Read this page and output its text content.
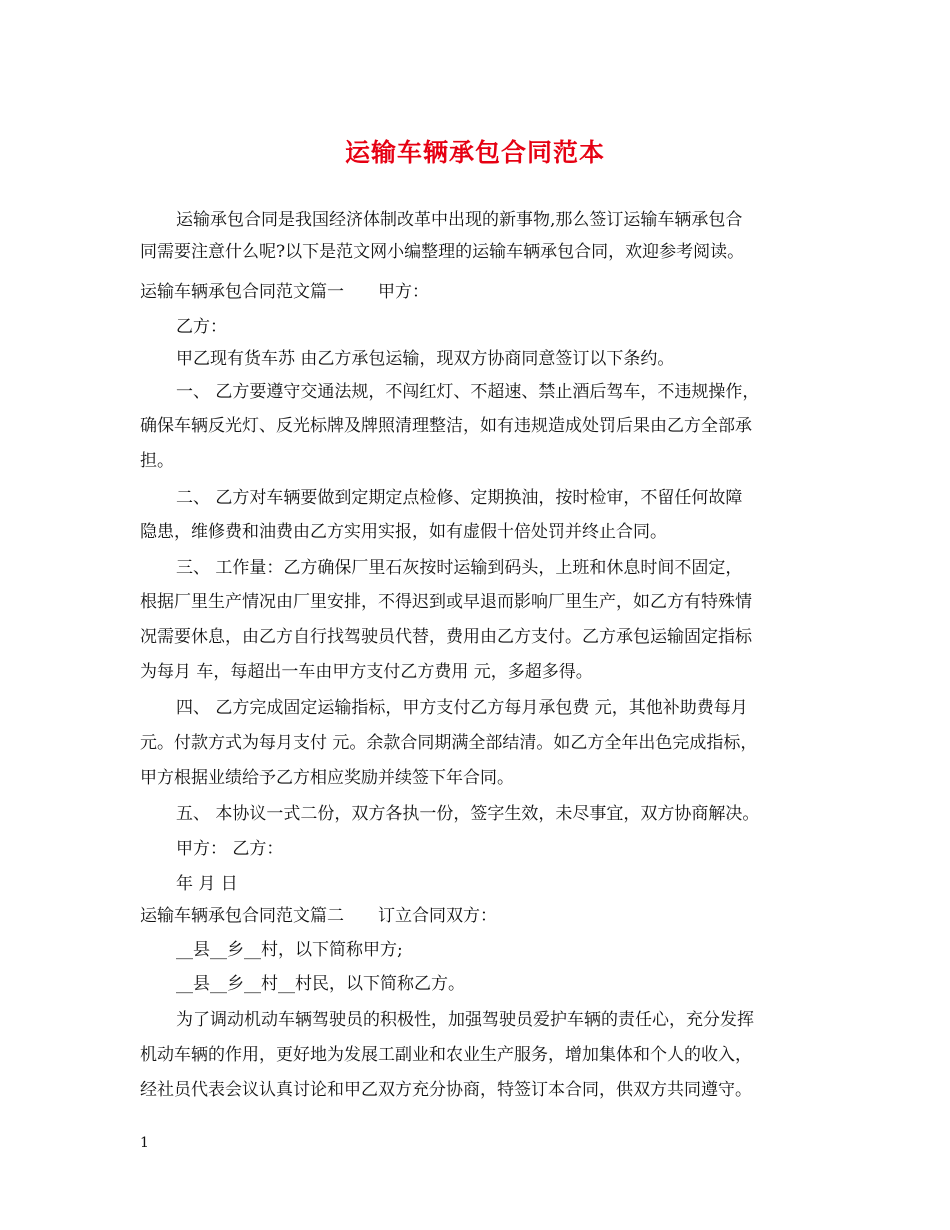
运输车辆承包合同范本
运输承包合同是我国经济体制改革中出现的新事物,那么签订运输车辆承包合
同需要注意什么呢?以下是范文网小编整理的运输车辆承包合同，欢迎参考阅读。
运输车辆承包合同范文篇一　　甲方：
乙方：
甲乙现有货车苏 由乙方承包运输，现双方协商同意签订以下条约。
一、 乙方要遵守交通法规，不闯红灯、不超速、禁止酒后驾车，不违规操作，
确保车辆反光灯、反光标牌及牌照清理整洁，如有违规造成处罚后果由乙方全部承
担。
二、 乙方对车辆要做到定期定点检修、定期换油，按时检审，不留任何故障
隐患，维修费和油费由乙方实用实报，如有虚假十倍处罚并终止合同。
三、 工作量：乙方确保厂里石灰按时运输到码头，上班和休息时间不固定，
根据厂里生产情况由厂里安排，不得迟到或早退而影响厂里生产，如乙方有特殊情
况需要休息，由乙方自行找驾驶员代替，费用由乙方支付。乙方承包运输固定指标
为每月 车，每超出一车由甲方支付乙方费用 元，多超多得。
四、 乙方完成固定运输指标，甲方支付乙方每月承包费 元，其他补助费每月
元。付款方式为每月支付 元。余款合同期满全部结清。如乙方全年出色完成指标，
甲方根据业绩给予乙方相应奖励并续签下年合同。
五、 本协议一式二份，双方各执一份，签字生效，未尽事宜，双方协商解决。
甲方： 乙方：
年 月 日
运输车辆承包合同范文篇二　　订立合同双方：
__县__乡__村，以下简称甲方;
__县__乡__村__村民，以下简称乙方。
为了调动机动车辆驾驶员的积极性，加强驾驶员爱护车辆的责任心，充分发挥
机动车辆的作用，更好地为发展工副业和农业生产服务，增加集体和个人的收入，
经社员代表会议认真讨论和甲乙双方充分协商，特签订本合同，供双方共同遵守。
1
